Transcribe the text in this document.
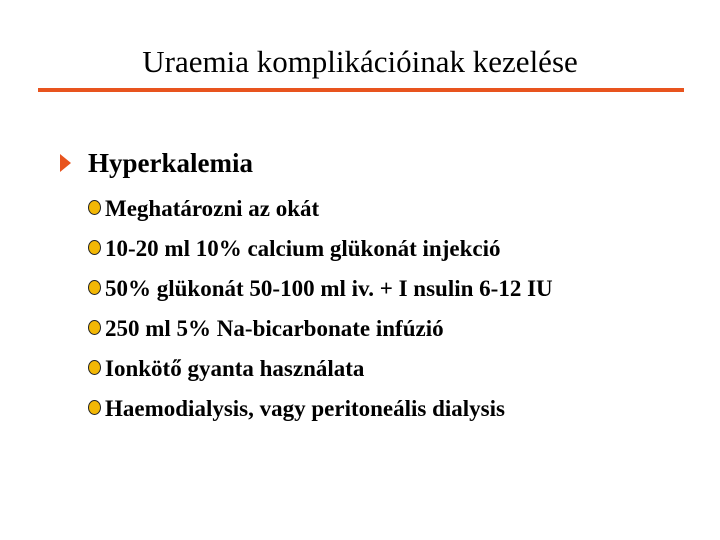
Uraemia komplikációinak kezelése
Hyperkalemia
Meghatározni az okát
10-20 ml 10% calcium glükonát injekció
50% glükonát 50-100 ml iv. + I nsulin 6-12 IU
250 ml 5% Na-bicarbonate infúzió
Ionkötő gyanta használata
Haemodialysis, vagy peritoneális dialysis
